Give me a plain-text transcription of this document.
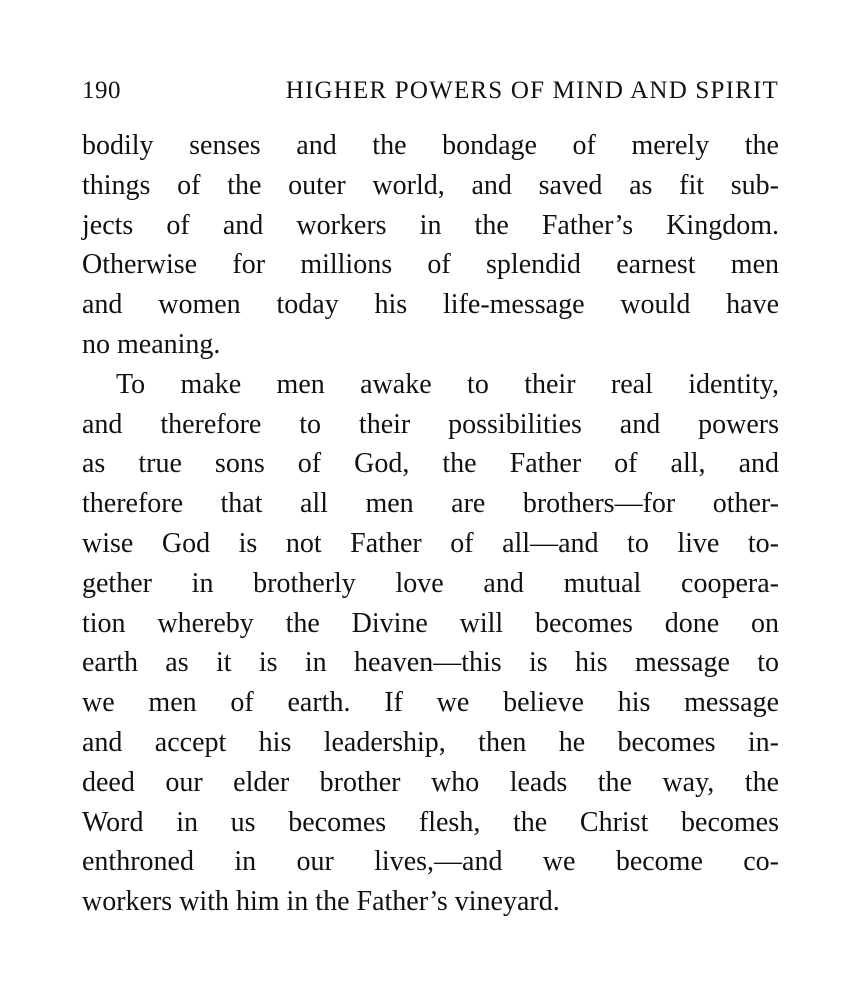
190	HIGHER POWERS OF MIND AND SPIRIT
bodily senses and the bondage of merely the
things of the outer world, and saved as fit sub-
jects of and workers in the Father’s Kingdom.
Otherwise for millions of splendid earnest men
and women today his life-message would have
no meaning.
To make men awake to their real identity,
and therefore to their possibilities and powers
as true sons of God, the Father of all, and
therefore that all men are brothers—for other-
wise God is not Father of all—and to live to-
gether in brotherly love and mutual coopera-
tion whereby the Divine will becomes done on
earth as it is in heaven—this is his message to
we men of earth. If we believe his message
and accept his leadership, then he becomes in-
deed our elder brother who leads the way, the
Word in us becomes flesh, the Christ becomes
enthroned in our lives,—and we become co-
workers with him in the Father’s vineyard.
